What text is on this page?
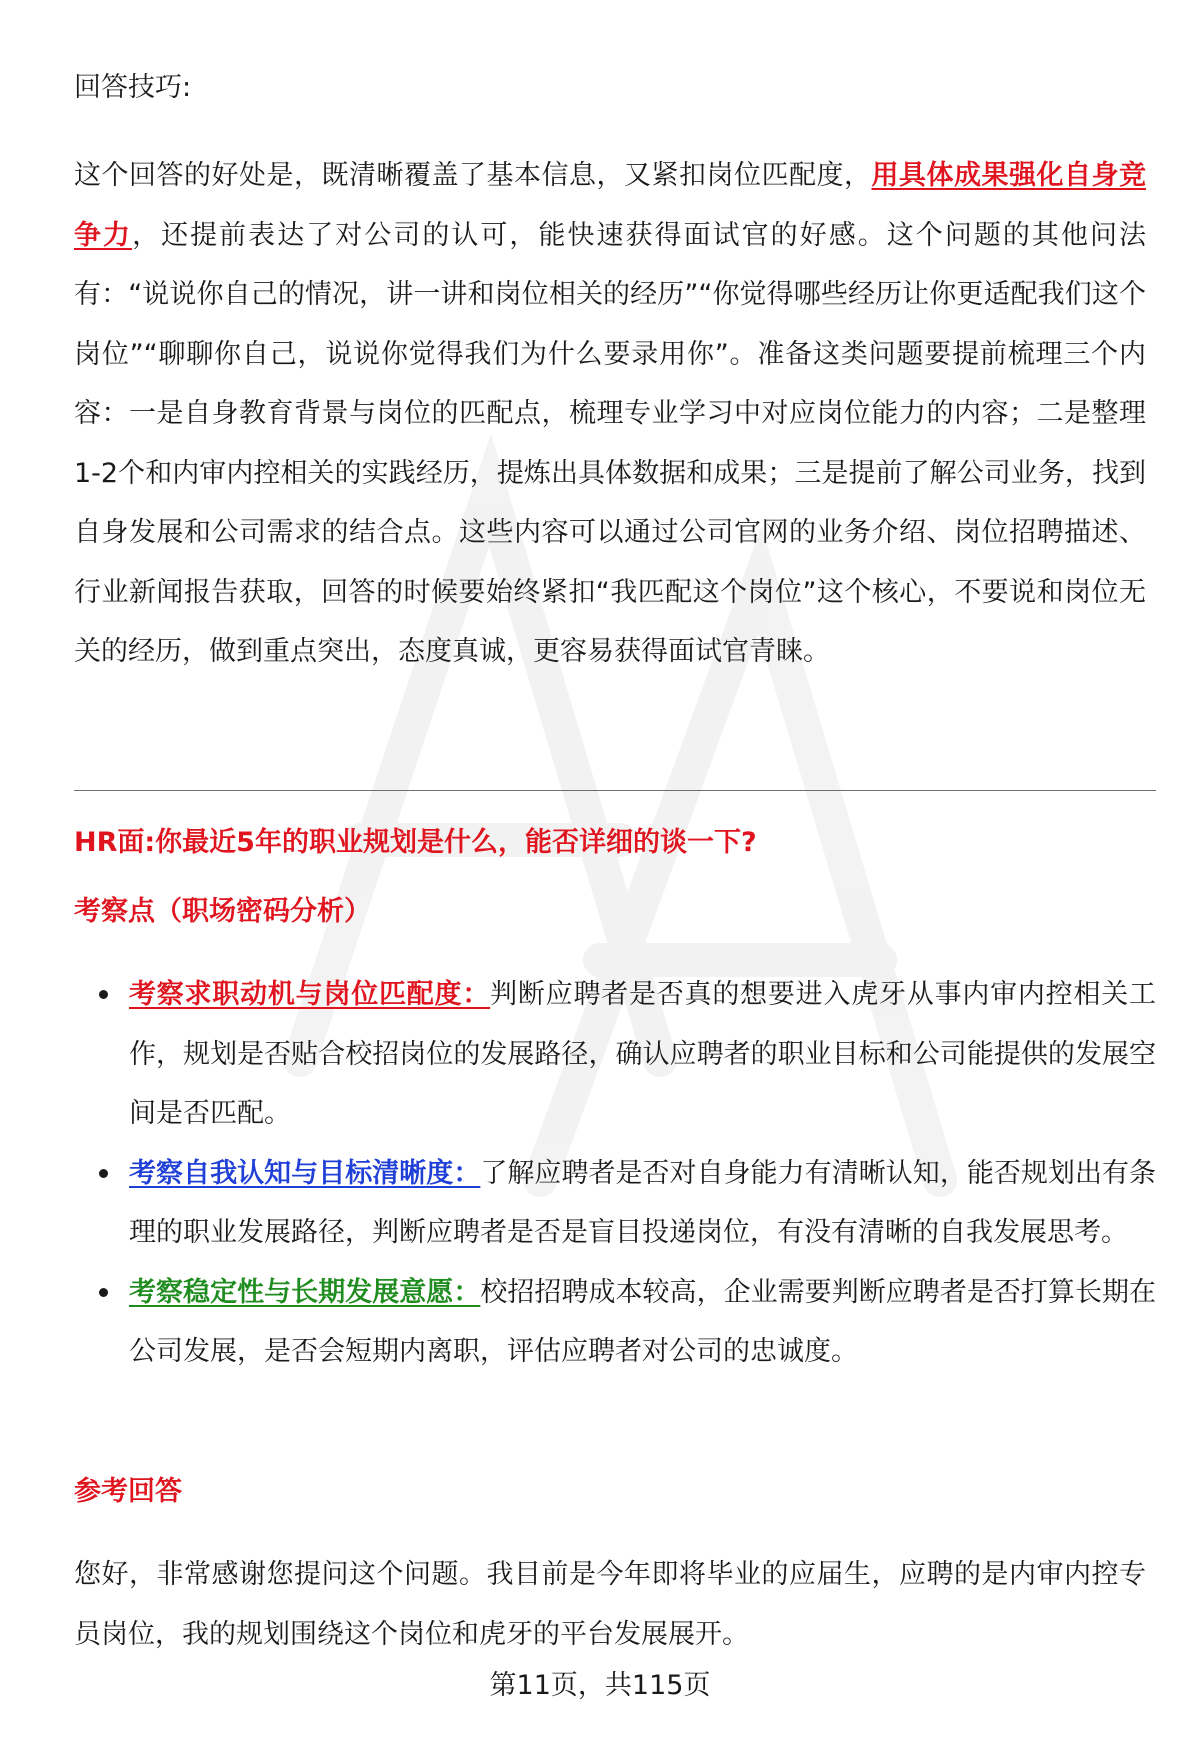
回答技巧:

这个回答的好处是，既清晰覆盖了基本信息，又紧扣岗位匹配度，用具体成果强化自身竞争力，还提前表达了对公司的认可，能快速获得面试官的好感。这个问题的其他问法有：“说说你自己的情况，讲一讲和岗位相关的经历”“你觉得哪些经历让你更适配我们这个岗位”“聊聊你自己，说说你觉得我们为什么要录用你”。准备这类问题要提前梳理三个内容：一是自身教育背景与岗位的匹配点，梳理专业学习中对应岗位能力的内容；二是整理1-2个和内审内控相关的实践经历，提炼出具体数据和成果；三是提前了解公司业务，找到自身发展和公司需求的结合点。这些内容可以通过公司官网的业务介绍、岗位招聘描述、行业新闻报告获取，回答的时候要始终紧扣“我匹配这个岗位”这个核心，不要说和岗位无关的经历，做到重点突出，态度真诚，更容易获得面试官青睐。

HR面:你最近5年的职业规划是什么，能否详细的谈一下?

考察点（职场密码分析）

考察求职动机与岗位匹配度：判断应聘者是否真的想要进入虎牙从事内审内控相关工作，规划是否贴合校招岗位的发展路径，确认应聘者的职业目标和公司能提供的发展空间是否匹配。
考察自我认知与目标清晰度：了解应聘者是否对自身能力有清晰认知，能否规划出有条理的职业发展路径，判断应聘者是否是盲目投递岗位，有没有清晰的自我发展思考。
考察稳定性与长期发展意愿：校招招聘成本较高，企业需要判断应聘者是否打算长期在公司发展，是否会短期内离职，评估应聘者对公司的忠诚度。

参考回答

您好，非常感谢您提问这个问题。我目前是今年即将毕业的应届生，应聘的是内审内控专员岗位，我的规划围绕这个岗位和虎牙的平台发展展开。

第11页，共115页
